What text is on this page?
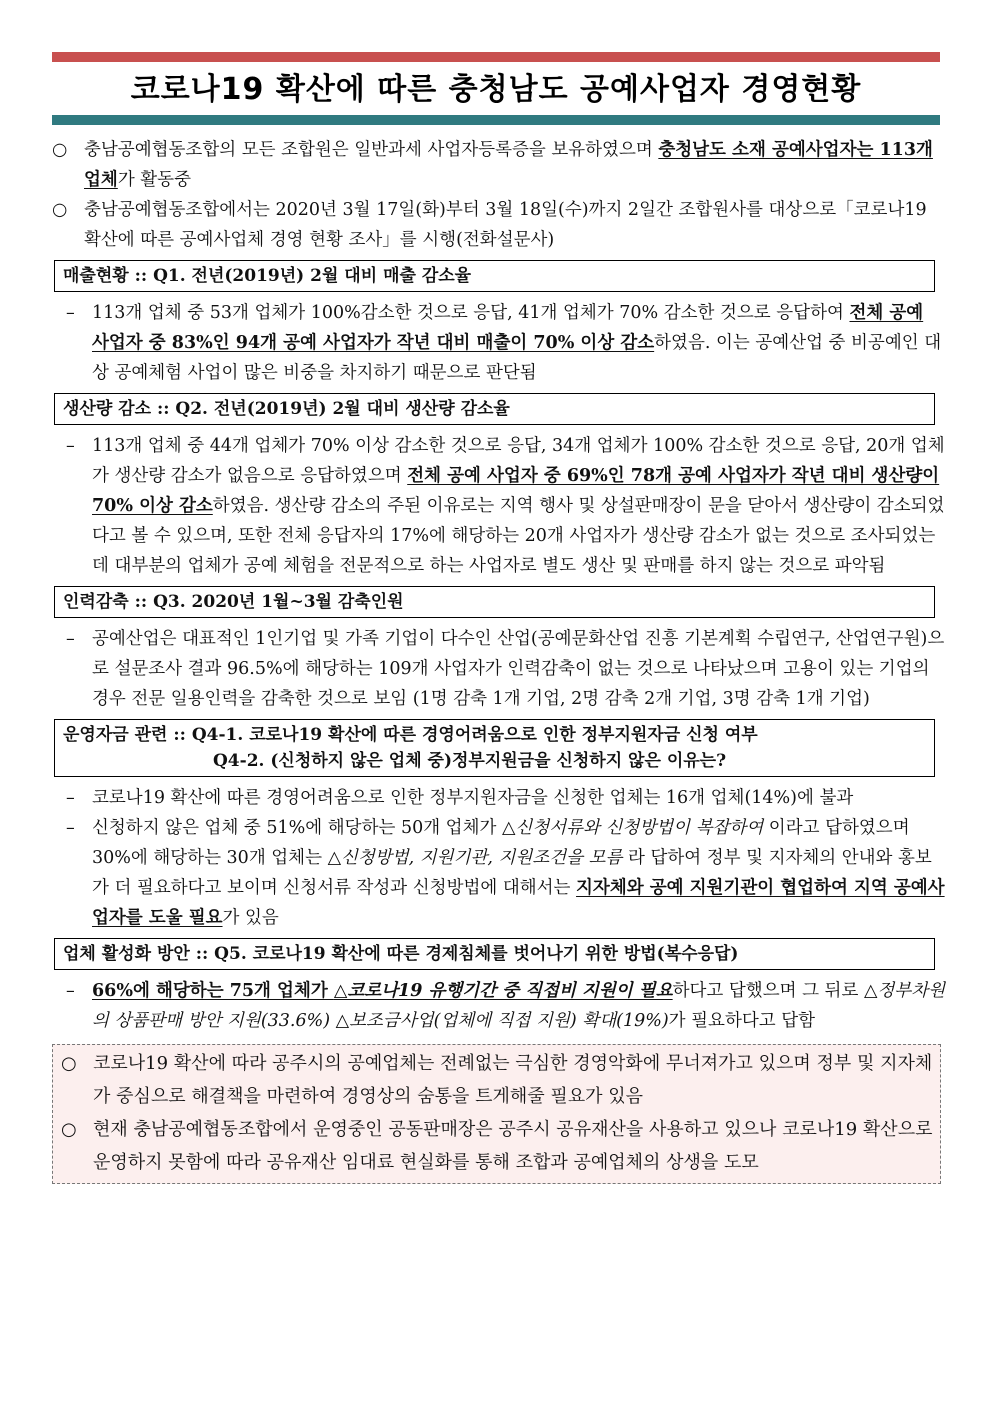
코로나19 확산에 따른 충청남도 공예사업자 경영현황

○ 충남공예협동조합의 모든 조합원은 일반과세 사업자등록증을 보유하였으며 충청남도 소재 공예사업자는 113개 업체가 활동중

○ 충남공예협동조합에서는 2020년 3월 17일(화)부터 3월 18일(수)까지 2일간 조합원사를 대상으로「코로나19 확산에 따른 공예사업체 경영 현황 조사」를 시행(전화설문사)

매출현황 :: Q1. 전년(2019년) 2월 대비 매출 감소율

– 113개 업체 중 53개 업체가 100%감소한 것으로 응답, 41개 업체가 70% 감소한 것으로 응답하여 전체 공예 사업자 중 83%인 94개 공예 사업자가 작년 대비 매출이 70% 이상 감소하였음. 이는 공예산업 중 비공예인 대상 공예체험 사업이 많은 비중을 차지하기 때문으로 판단됨

생산량 감소 :: Q2. 전년(2019년) 2월 대비 생산량 감소율

– 113개 업체 중 44개 업체가 70% 이상 감소한 것으로 응답, 34개 업체가 100% 감소한 것으로 응답, 20개 업체가 생산량 감소가 없음으로 응답하였으며 전체 공예 사업자 중 69%인 78개 공예 사업자가 작년 대비 생산량이 70% 이상 감소하였음. 생산량 감소의 주된 이유로는 지역 행사 및 상설판매장이 문을 닫아서 생산량이 감소되었다고 볼 수 있으며, 또한 전체 응답자의 17%에 해당하는 20개 사업자가 생산량 감소가 없는 것으로 조사되었는데 대부분의 업체가 공예 체험을 전문적으로 하는 사업자로 별도 생산 및 판매를 하지 않는 것으로 파악됨

인력감축 :: Q3. 2020년 1월~3월 감축인원

– 공예산업은 대표적인 1인기업 및 가족 기업이 다수인 산업(공예문화산업 진흥 기본계획 수립연구, 산업연구원)으로 설문조사 결과 96.5%에 해당하는 109개 사업자가 인력감축이 없는 것으로 나타났으며 고용이 있는 기업의 경우 전문 일용인력을 감축한 것으로 보임 (1명 감축 1개 기업, 2명 감축 2개 기업, 3명 감축 1개 기업)

운영자금 관련 :: Q4-1. 코로나19 확산에 따른 경영어려움으로 인한 정부지원자금 신청 여부
Q4-2. (신청하지 않은 업체 중)정부지원금을 신청하지 않은 이유는?

– 코로나19 확산에 따른 경영어려움으로 인한 정부지원자금을 신청한 업체는 16개 업체(14%)에 불과

– 신청하지 않은 업체 중 51%에 해당하는 50개 업체가 △신청서류와 신청방법이 복잡하여 이라고 답하였으며 30%에 해당하는 30개 업체는 △신청방법, 지원기관, 지원조건을 모름 라 답하여 정부 및 지자체의 안내와 홍보가 더 필요하다고 보이며 신청서류 작성과 신청방법에 대해서는 지자체와 공예 지원기관이 협업하여 지역 공예사업자를 도울 필요가 있음

업체 활성화 방안 :: Q5. 코로나19 확산에 따른 경제침체를 벗어나기 위한 방법(복수응답)

– 66%에 해당하는 75개 업체가 △코로나19 유행기간 중 직접비 지원이 필요하다고 답했으며 그 뒤로 △정부차원의 상품판매 방안 지원(33.6%) △보조금사업(업체에 직접 지원) 확대(19%)가 필요하다고 답함

○ 코로나19 확산에 따라 공주시의 공예업체는 전례없는 극심한 경영악화에 무너져가고 있으며 정부 및 지자체가 중심으로 해결책을 마련하여 경영상의 숨통을 트게해줄 필요가 있음

○ 현재 충남공예협동조합에서 운영중인 공동판매장은 공주시 공유재산을 사용하고 있으나 코로나19 확산으로 운영하지 못함에 따라 공유재산 임대료 현실화를 통해 조합과 공예업체의 상생을 도모
